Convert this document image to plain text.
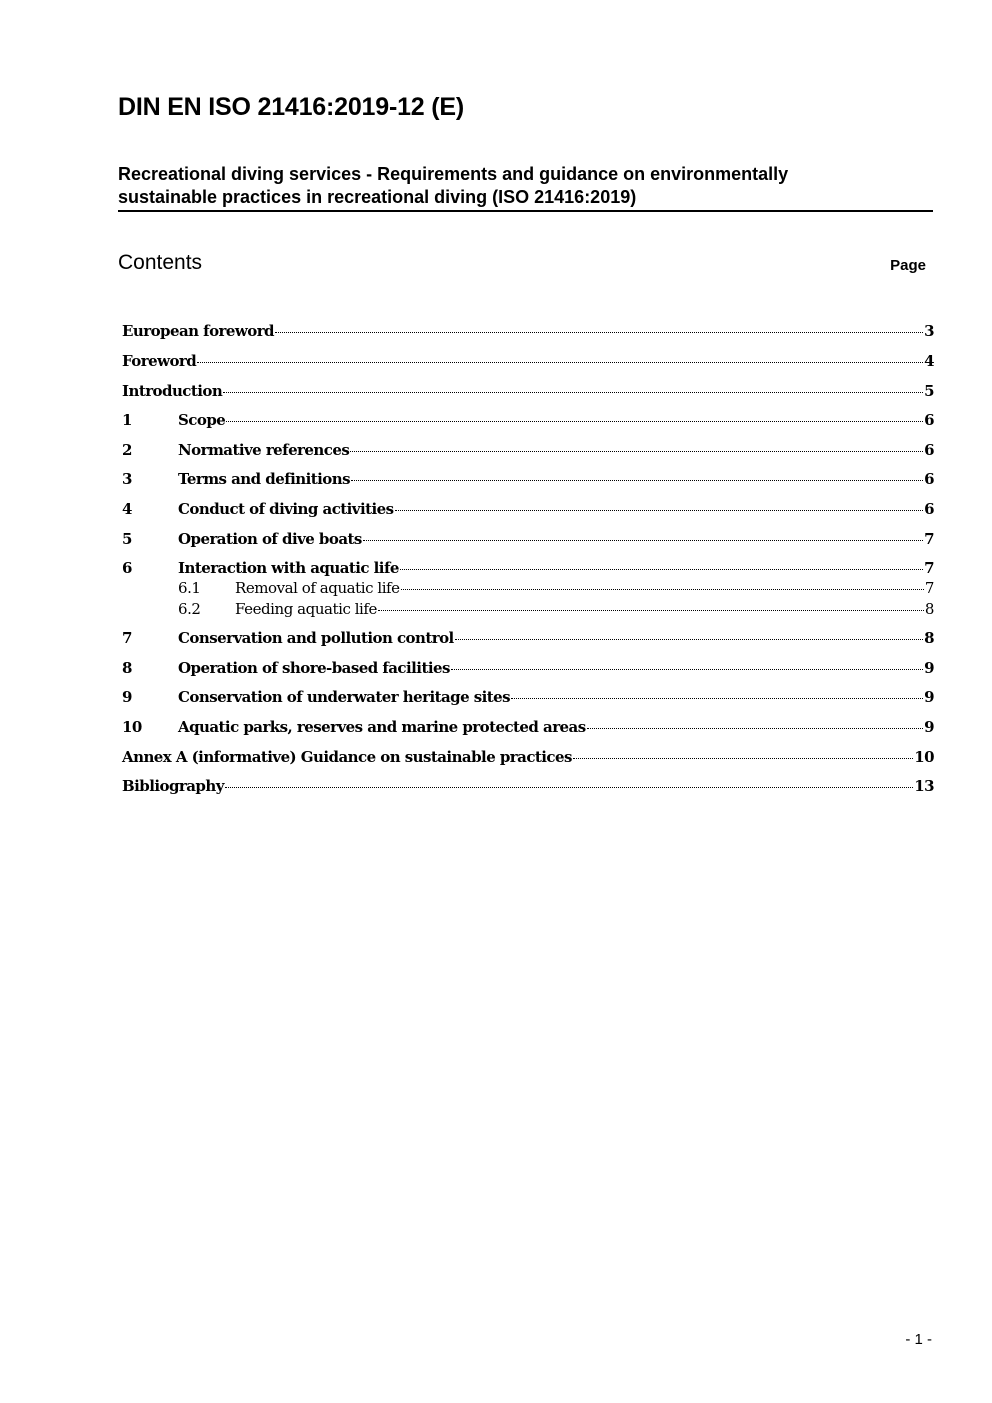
DIN EN ISO 21416:2019-12 (E)
Recreational diving services - Requirements and guidance on environmentally
sustainable practices in recreational diving (ISO 21416:2019)
Contents	Page
European foreword	3
Foreword	4
Introduction	5
1	Scope	6
2	Normative references	6
3	Terms and definitions	6
4	Conduct of diving activities	6
5	Operation of dive boats	7
6	Interaction with aquatic life	7
6.1	Removal of aquatic life	7
6.2	Feeding aquatic life	8
7	Conservation and pollution control	8
8	Operation of shore-based facilities	9
9	Conservation of underwater heritage sites	9
10	Aquatic parks, reserves and marine protected areas	9
Annex A (informative) Guidance on sustainable practices	10
Bibliography	13
- 1 -
